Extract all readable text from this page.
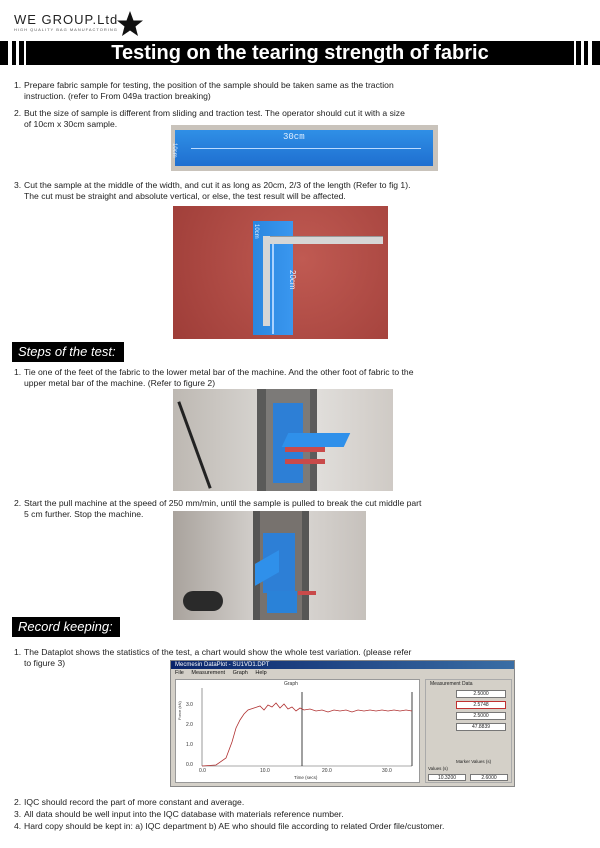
WE GROUP.Ltd
HIGH QUALITY BAG MANUFACTORING
Testing on the tearing strength of fabric
1. Prepare fabric sample for testing, the position of the sample should be taken same as the traction
instruction. (refer to From 049a traction breaking)
2. But the size of sample is different from sliding and traction test. The operator should cut it with a size
of 10cm x 30cm sample.
30cm
10cm
3. Cut the sample at the middle of the width, and cut it as long as 20cm, 2/3 of the length (Refer to fig 1).
The cut must be straight and absolute vertical, or else, the test result will be affected.
10cm
20cm
Steps of the test:
1. Tie one of the feet of the fabric to the lower metal bar of the machine. And the other foot of fabric to the
upper metal bar of the machine. (Refer to figure 2)
2. Start the pull machine at the speed of 250 mm/min, until the sample is pulled to break the cut middle part
5 cm further. Stop the machine.
Record keeping:
1. The Dataplot shows the statistics of the test, a chart would show the whole test variation. (please refer
to figure 3)	Mecmesin DataPlot - SU1VD1.DPT
File Measurement Graph Help
Graph
3.0
2.0
1.0
0.0
Force (kN)
0.0	10.0	20.0	30.0
Time (secs)
Measurement Data
2.5000
2.5748
2.5000
47.8839
Marker Values (s)
10.3200	2.6000
Values (s)
2. IQC should record the part of more constant and average.
3. All data should be well input into the IQC database with materials reference number.
4. Hard copy should be kept in: a) IQC department b) AE who should file according to related Order file/customer.
